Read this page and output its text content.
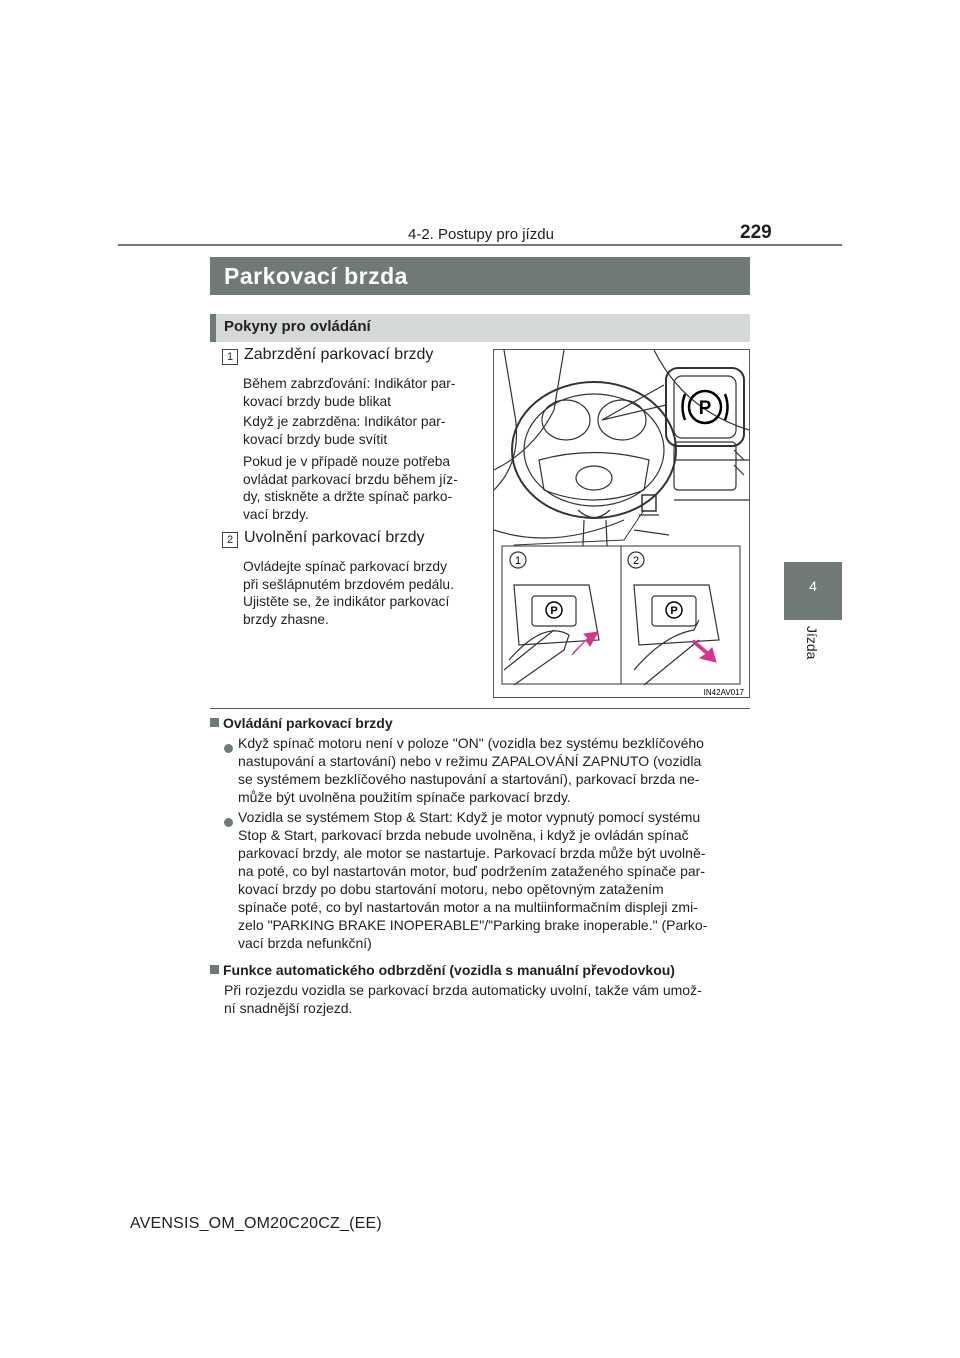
4-2. Postupy pro jízdu	229
4
Jízda
Parkovací brzda
Pokyny pro ovládání
1 Zabrzdění parkovací brzdy
Během zabrzďování: Indikátor par-
kovací brzdy bude blikat
Když je zabrzděna: Indikátor par-
kovací brzdy bude svítit
Pokud je v případě nouze potřeba
ovládat parkovací brzdu během jíz-
dy, stiskněte a držte spínač parko-
vací brzdy.
2 Uvolnění parkovací brzdy
Ovládejte spínač parkovací brzdy
při sešlápnutém brzdovém pedálu.
Ujistěte se, že indikátor parkovací
brzdy zhasne.
P
P	P
1	2
IN42AV017
Ovládání parkovací brzdy
Když spínač motoru není v poloze "ON" (vozidla bez systému bezklíčového
nastupování a startování) nebo v režimu ZAPALOVÁNÍ ZAPNUTO (vozidla
se systémem bezklíčového nastupování a startování), parkovací brzda ne-
může být uvolněna použitím spínače parkovací brzdy.
Vozidla se systémem Stop & Start: Když je motor vypnutý pomocí systému
Stop & Start, parkovací brzda nebude uvolněna, i když je ovládán spínač
parkovací brzdy, ale motor se nastartuje. Parkovací brzda může být uvolně-
na poté, co byl nastartován motor, buď podržením zataženého spínače par-
kovací brzdy po dobu startování motoru, nebo opětovným zatažením
spínače poté, co byl nastartován motor a na multiinformačním displeji zmi-
zelo "PARKING BRAKE INOPERABLE"/"Parking brake inoperable." (Parko-
vací brzda nefunkční)
Funkce automatického odbrzdění (vozidla s manuální převodovkou)
Při rozjezdu vozidla se parkovací brzda automaticky uvolní, takže vám umož-
ní snadnější rozjezd.
AVENSIS_OM_OM20C20CZ_(EE)
